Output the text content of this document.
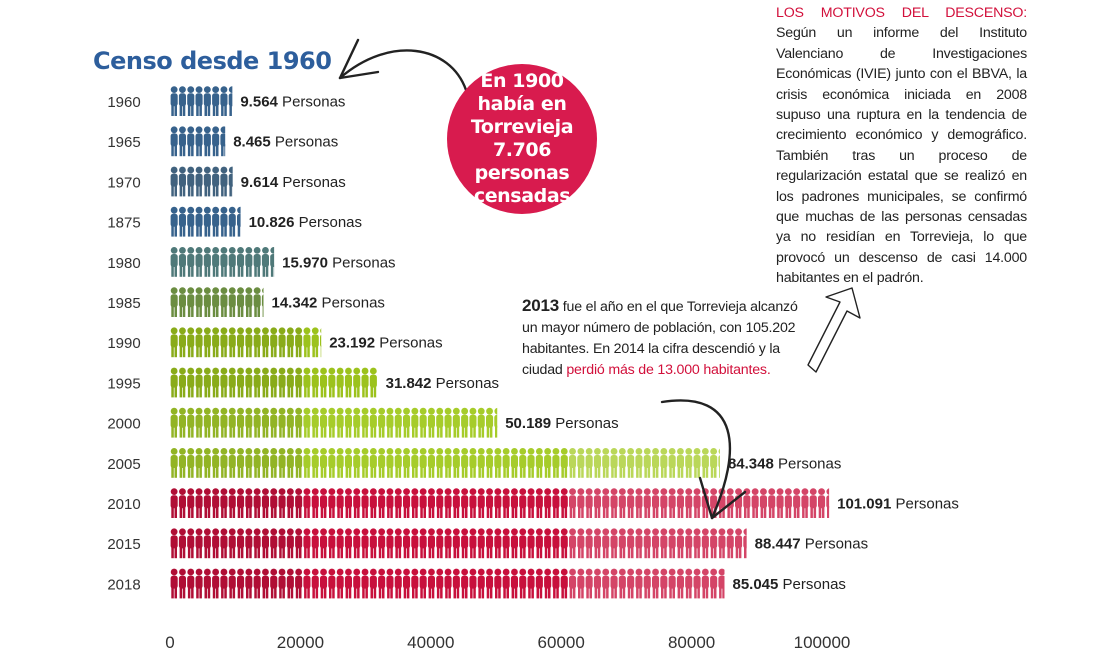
0	20000	40000	60000	80000	100000
1960	9.564 Personas
1965	8.465 Personas
1970	9.614 Personas
1875	10.826 Personas
1980	15.970 Personas
1985	14.342 Personas
1990	23.192 Personas
1995	31.842 Personas
2000	50.189 Personas
2005	84.348 Personas
2010	101.091 Personas
2015	88.447 Personas
2018	85.045 Personas
Censo desde 1960
En 1900 había en Torrevieja 7.706 personas censadas
LOS MOTIVOS DEL DESCENSO: Según un informe del Instituto Valenciano de Investigaciones Económicas (IVIE) junto con el BBVA, la crisis económica iniciada en 2008 supuso una ruptura en la tendencia de crecimiento económico y demográfico. También tras un proceso de regularización estatal que se realizó en los padrones municipales, se confirmó que muchas de las personas censadas ya no residían en Torrevieja, lo que provocó un descenso de casi 14.000 habitantes en el padrón.
2013 fue el año en el que Torrevieja alcanzó un mayor número de población, con 105.202 habitantes. En 2014 la cifra descendió y la ciudad perdió más de 13.000 habitantes.
